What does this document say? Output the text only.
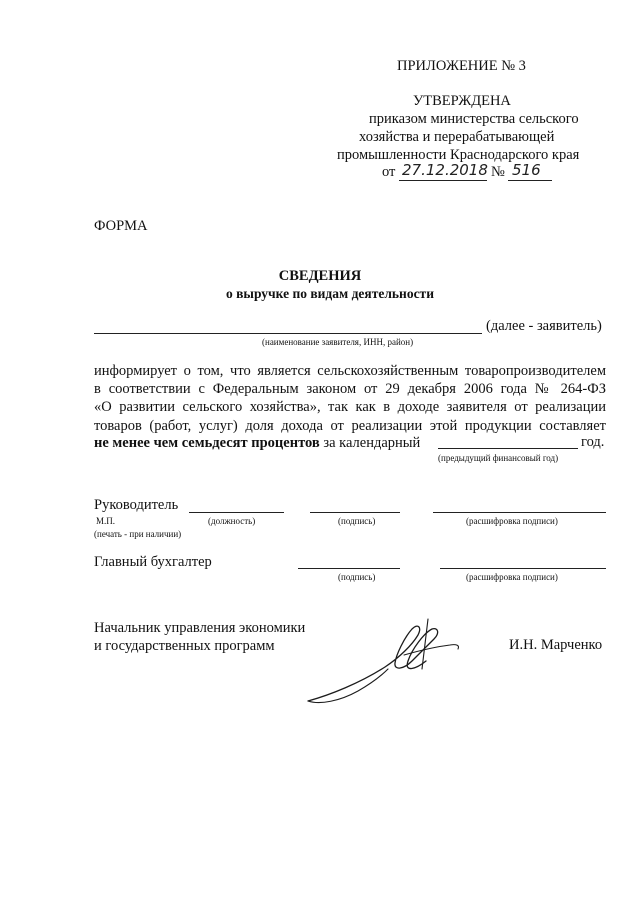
ПРИЛОЖЕНИЕ № 3
УТВЕРЖДЕНА
приказом министерства сельского
хозяйства и перерабатывающей
промышленности Краснодарского края
от 27.12.2018 № 516
ФОРМА
СВЕДЕНИЯ
о выручке по видам деятельности
(далее - заявитель)
(наименование заявителя, ИНН, район)
информирует о том, что является сельскохозяйственным товаропроизводителем
в соответствии с Федеральным законом от 29 декабря 2006 года № 264-ФЗ
«О развитии сельского хозяйства», так как в доходе заявителя от реализации
товаров (работ, услуг) доля дохода от реализации этой продукции составляет
не менее чем семьдесят процентов за календарный	год.
(предыдущий финансовый год)
Руководитель
М.П.	(должность)	(подпись)	(расшифровка подписи)
(печать - при наличии)
Главный бухгалтер
(подпись)	(расшифровка подписи)
Начальник управления экономики
и государственных программ	И.Н. Марченко
